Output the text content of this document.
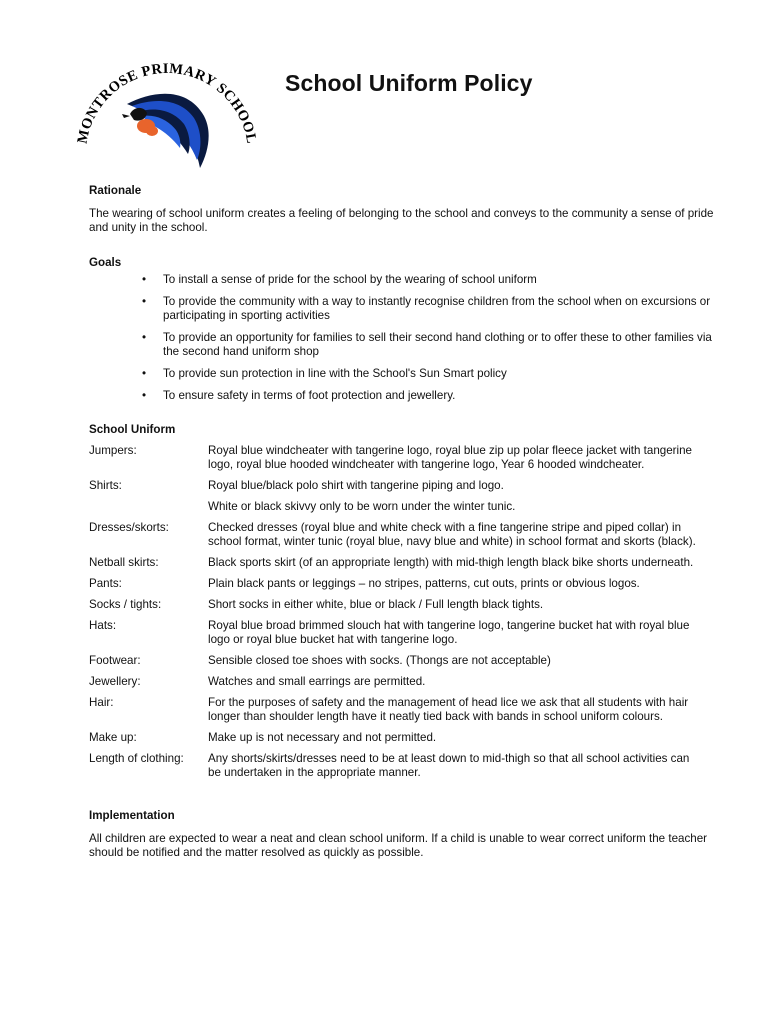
MONTROSE PRIMARY SCHOOL
School Uniform Policy
Rationale

The wearing of school uniform creates a feeling of belonging to the school and conveys to the community a sense of pride and unity in the school.

Goals
• To install a sense of pride for the school by the wearing of school uniform
• To provide the community with a way to instantly recognise children from the school when on excursions or participating in sporting activities
• To provide an opportunity for families to sell their second hand clothing or to offer these to other families via the second hand uniform shop
• To provide sun protection in line with the School's Sun Smart policy
• To ensure safety in terms of foot protection and jewellery.
School Uniform
Jumpers:	Royal blue windcheater with tangerine logo, royal blue zip up polar fleece jacket with tangerine logo, royal blue hooded windcheater with tangerine logo, Year 6 hooded windcheater.
Shirts:	Royal blue/black polo shirt with tangerine piping and logo.
	White or black skivvy only to be worn under the winter tunic.
Dresses/skorts:	Checked dresses (royal blue and white check with a fine tangerine stripe and piped collar) in school format, winter tunic (royal blue, navy blue and white) in school format and skorts (black).
Netball skirts:	Black sports skirt (of an appropriate length) with mid-thigh length black bike shorts underneath.
Pants:	Plain black pants or leggings – no stripes, patterns, cut outs, prints or obvious logos.
Socks / tights:	Short socks in either white, blue or black / Full length black tights.
Hats:	Royal blue broad brimmed slouch hat with tangerine logo, tangerine bucket hat with royal blue logo or royal blue bucket hat with tangerine logo.
Footwear:	Sensible closed toe shoes with socks. (Thongs are not acceptable)
Jewellery:	Watches and small earrings are permitted.
Hair:	For the purposes of safety and the management of head lice we ask that all students with hair longer than shoulder length have it neatly tied back with bands in school uniform colours.
Make up:	Make up is not necessary and not permitted.
Length of clothing:	Any shorts/skirts/dresses need to be at least down to mid-thigh so that all school activities can be undertaken in the appropriate manner.
Implementation

All children are expected to wear a neat and clean school uniform. If a child is unable to wear correct uniform the teacher should be notified and the matter resolved as quickly as possible.
